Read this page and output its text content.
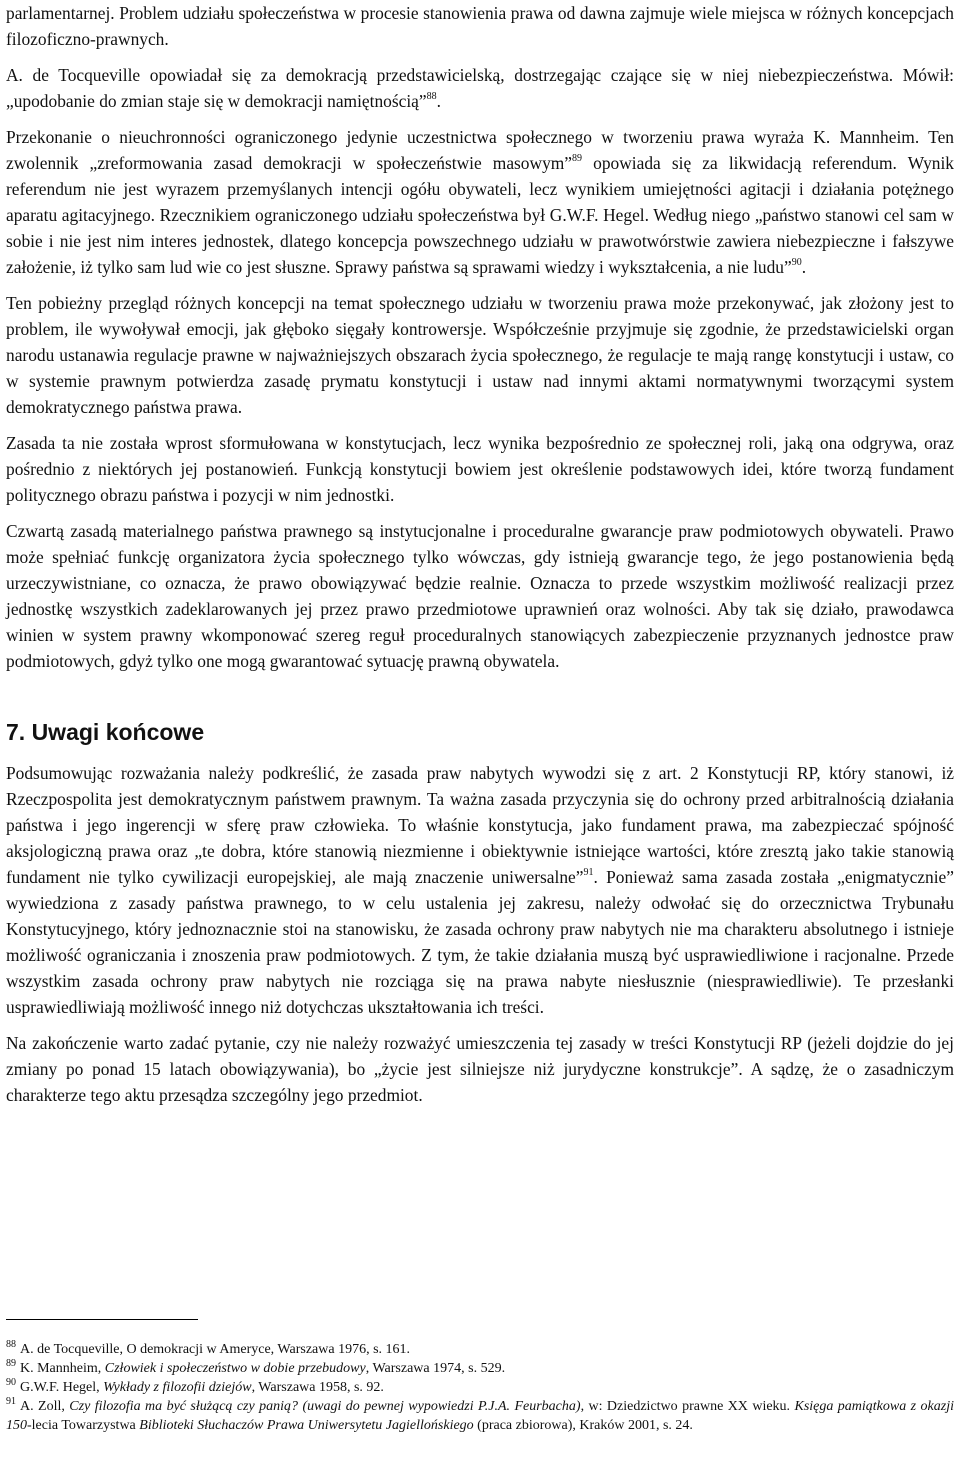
parlamentarnej. Problem udziału społeczeństwa w procesie stanowienia prawa od dawna zajmuje wiele miejsca w różnych koncepcjach filozoficzno-prawnych.

A. de Tocqueville opowiadał się za demokracją przedstawicielską, dostrzegając czające się w niej niebezpieczeństwa. Mówił: „upodobanie do zmian staje się w demokracji namiętnością”$^{88}$.

Przekonanie o nieuchronności ograniczonego jedynie uczestnictwa społecznego w tworzeniu prawa wyraża K. Mannheim. Ten zwolennik „zreformowania zasad demokracji w społeczeństwie masowym”$^{89}$ opowiada się za likwidacją referendum. Wynik referendum nie jest wyrazem przemyślanych intencji ogółu obywateli, lecz wynikiem umiejętności agitacji i działania potężnego aparatu agitacyjnego. Rzecznikiem ograniczonego udziału społeczeństwa był G.W.F. Hegel. Według niego „państwo stanowi cel sam w sobie i nie jest nim interes jednostek, dlatego koncepcja powszechnego udziału w prawotwórstwie zawiera niebezpieczne i fałszywe założenie, iż tylko sam lud wie co jest słuszne. Sprawy państwa są sprawami wiedzy i wykształcenia, a nie ludu”$^{90}$.

Ten pobieżny przegląd różnych koncepcji na temat społecznego udziału w tworzeniu prawa może przekonywać, jak złożony jest to problem, ile wywoływał emocji, jak głęboko sięgały kontrowersje. Współcześnie przyjmuje się zgodnie, że przedstawicielski organ narodu ustanawia regulacje prawne w najważniejszych obszarach życia społecznego, że regulacje te mają rangę konstytucji i ustaw, co w systemie prawnym potwierdza zasadę prymatu konstytucji i ustaw nad innymi aktami normatywnymi tworzącymi system demokratycznego państwa prawa.

Zasada ta nie została wprost sformułowana w konstytucjach, lecz wynika bezpośrednio ze społecznej roli, jaką ona odgrywa, oraz pośrednio z niektórych jej postanowień. Funkcją konstytucji bowiem jest określenie podstawowych idei, które tworzą fundament politycznego obrazu państwa i pozycji w nim jednostki.

Czwartą zasadą materialnego państwa prawnego są instytucjonalne i proceduralne gwarancje praw podmiotowych obywateli. Prawo może spełniać funkcję organizatora życia społecznego tylko wówczas, gdy istnieją gwarancje tego, że jego postanowienia będą urzeczywistniane, co oznacza, że prawo obowiązywać będzie realnie. Oznacza to przede wszystkim możliwość realizacji przez jednostkę wszystkich zadeklarowanych jej przez prawo przedmiotowe uprawnień oraz wolności. Aby tak się działo, prawodawca winien w system prawny wkomponować szereg reguł proceduralnych stanowiących zabezpieczenie przyznanych jednostce praw podmiotowych, gdyż tylko one mogą gwarantować sytuację prawną obywatela.

7. Uwagi końcowe

Podsumowując rozważania należy podkreślić, że zasada praw nabytych wywodzi się z art. 2 Konstytucji RP, który stanowi, iż Rzeczpospolita jest demokratycznym państwem prawnym. Ta ważna zasada przyczynia się do ochrony przed arbitralnością działania państwa i jego ingerencji w sferę praw człowieka. To właśnie konstytucja, jako fundament prawa, ma zabezpieczać spójność aksjologiczną prawa oraz „te dobra, które stanowią niezmienne i obiektywnie istniejące wartości, które zresztą jako takie stanowią fundament nie tylko cywilizacji europejskiej, ale mają znaczenie uniwersalne”$^{91}$. Ponieważ sama zasada została „enigmatycznie” wywiedziona z zasady państwa prawnego, to w celu ustalenia jej zakresu, należy odwołać się do orzecznictwa Trybunału Konstytucyjnego, który jednoznacznie stoi na stanowisku, że zasada ochrony praw nabytych nie ma charakteru absolutnego i istnieje możliwość ograniczania i znoszenia praw podmiotowych. Z tym, że takie działania muszą być usprawiedliwione i racjonalne. Przede wszystkim zasada ochrony praw nabytych nie rozciąga się na prawa nabyte niesłusznie (niesprawiedliwie). Te przesłanki usprawiedliwiają możliwość innego niż dotychczas ukształtowania ich treści.

Na zakończenie warto zadać pytanie, czy nie należy rozważyć umieszczenia tej zasady w treści Konstytucji RP (jeżeli dojdzie do jej zmiany po ponad 15 latach obowiązywania), bo „życie jest silniejsze niż jurydyczne konstrukcje”. A sądzę, że o zasadniczym charakterze tego aktu przesądza szczególny jego przedmiot.

$^{88}$ A. de Tocqueville, O demokracji w Ameryce, Warszawa 1976, s. 161.

$^{89}$ K. Mannheim, Człowiek i społeczeństwo w dobie przebudowy, Warszawa 1974, s. 529.

$^{90}$ G.W.F. Hegel, Wykłady z filozofii dziejów, Warszawa 1958, s. 92.

$^{91}$ A. Zoll, Czy filozofia ma być służącą czy panią? (uwagi do pewnej wypowiedzi P.J.A. Feurbacha), w: Dziedzictwo prawne XX wieku. Księga pamiątkowa z okazji 150-lecia Towarzystwa Biblioteki Słuchaczów Prawa Uniwersytetu Jagiellońskiego (praca zbiorowa), Kraków 2001, s. 24.
